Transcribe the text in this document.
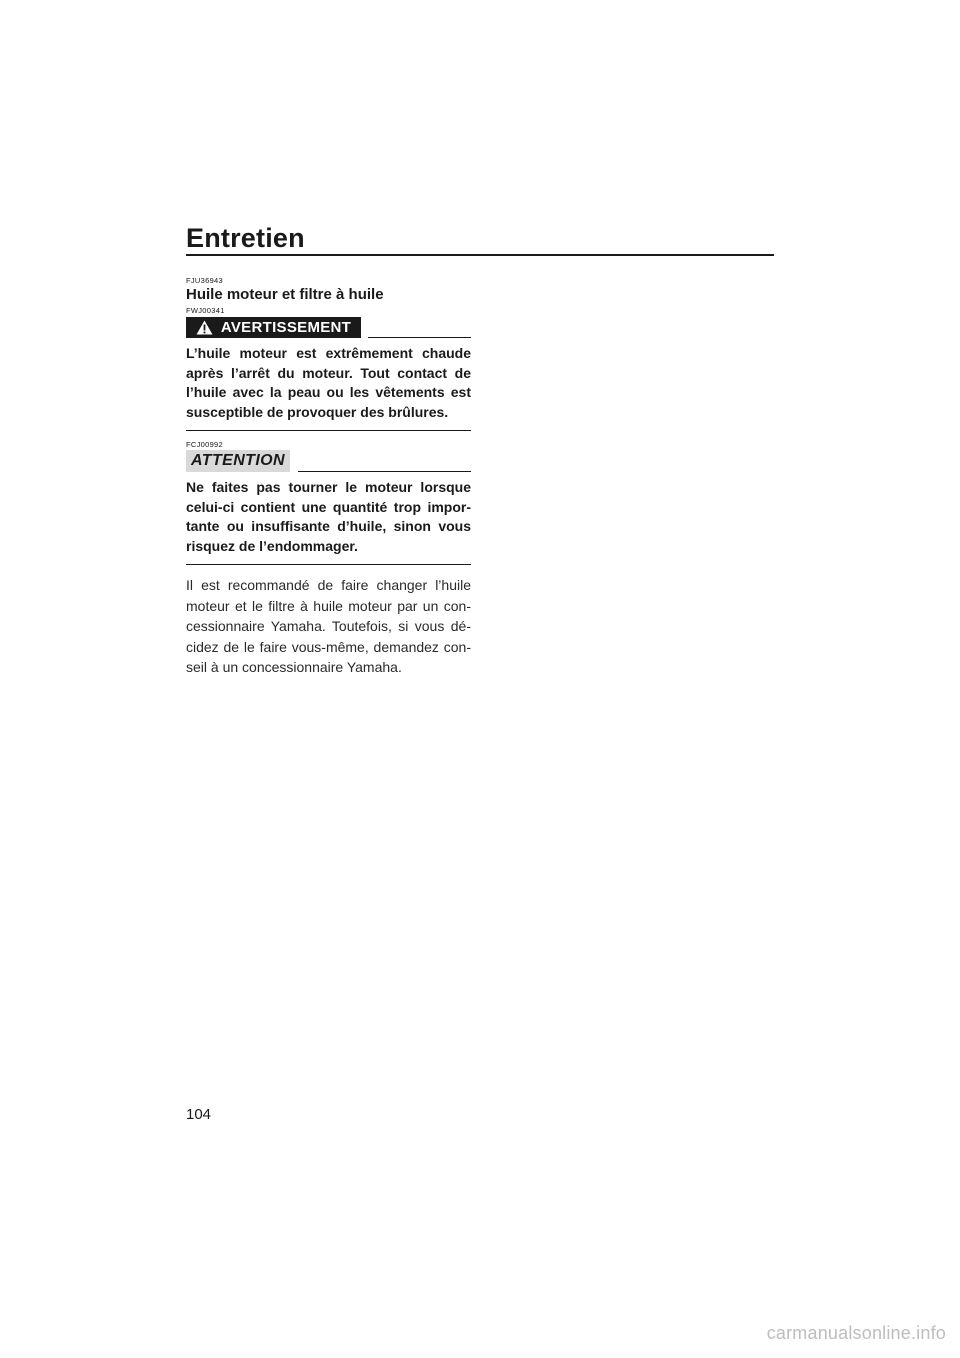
Entretien
FJU36943
Huile moteur et filtre à huile
FWJ00341
AVERTISSEMENT

L’huile moteur est extrêmement chaude après l’arrêt du moteur. Tout contact de l’huile avec la peau ou les vêtements est susceptible de provoquer des brûlures.

FCJ00992
ATTENTION

Ne faites pas tourner le moteur lorsque celui-ci contient une quantité trop impor-tante ou insuffisante d’huile, sinon vous risquez de l’endommager.

Il est recommandé de faire changer l’huile moteur et le filtre à huile moteur par un con-cessionnaire Yamaha. Toutefois, si vous dé-cidez de le faire vous-même, demandez con-seil à un concessionnaire Yamaha.

104
carmanualsonline.info
